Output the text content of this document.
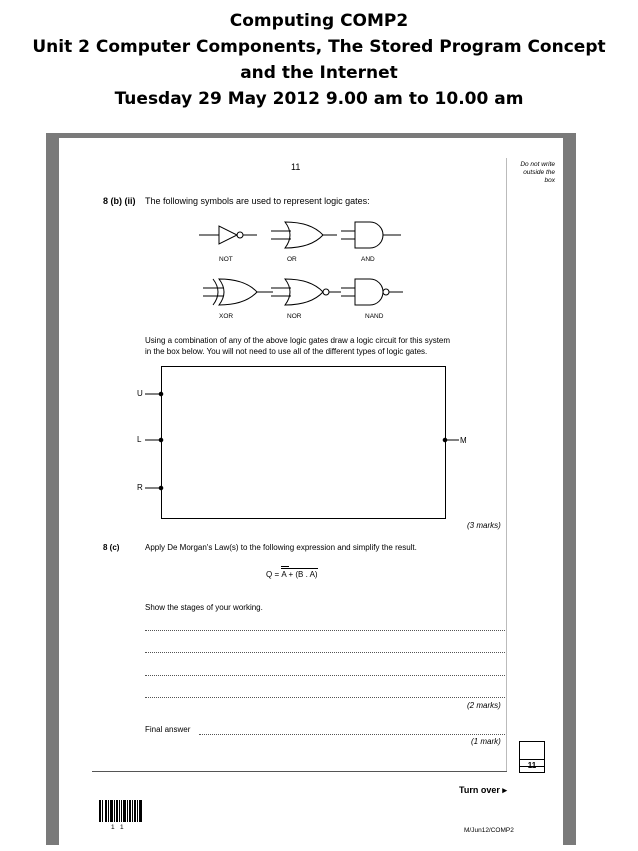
Computing COMP2
Unit 2 Computer Components, The Stored Program Concept
and the Internet
Tuesday 29 May 2012 9.00 am to 10.00 am
11	Do not write
outside the
box
8 (b) (ii) The following symbols are used to represent logic gates:
NOT	OR	AND
XOR	NOR	NAND
Using a combination of any of the above logic gates draw a logic circuit for this system
in the box below. You will not need to use all of the different types of logic gates.
U
L
R
M
(3 marks)
8 (c)	Apply De Morgan's Law(s) to the following expression and simplify the result.
Q = A + (B . A)
Show the stages of your working.
(2 marks)
Final answer
(1 mark)
11
Turn over ▸
1   1	M/Jun12/COMP2
